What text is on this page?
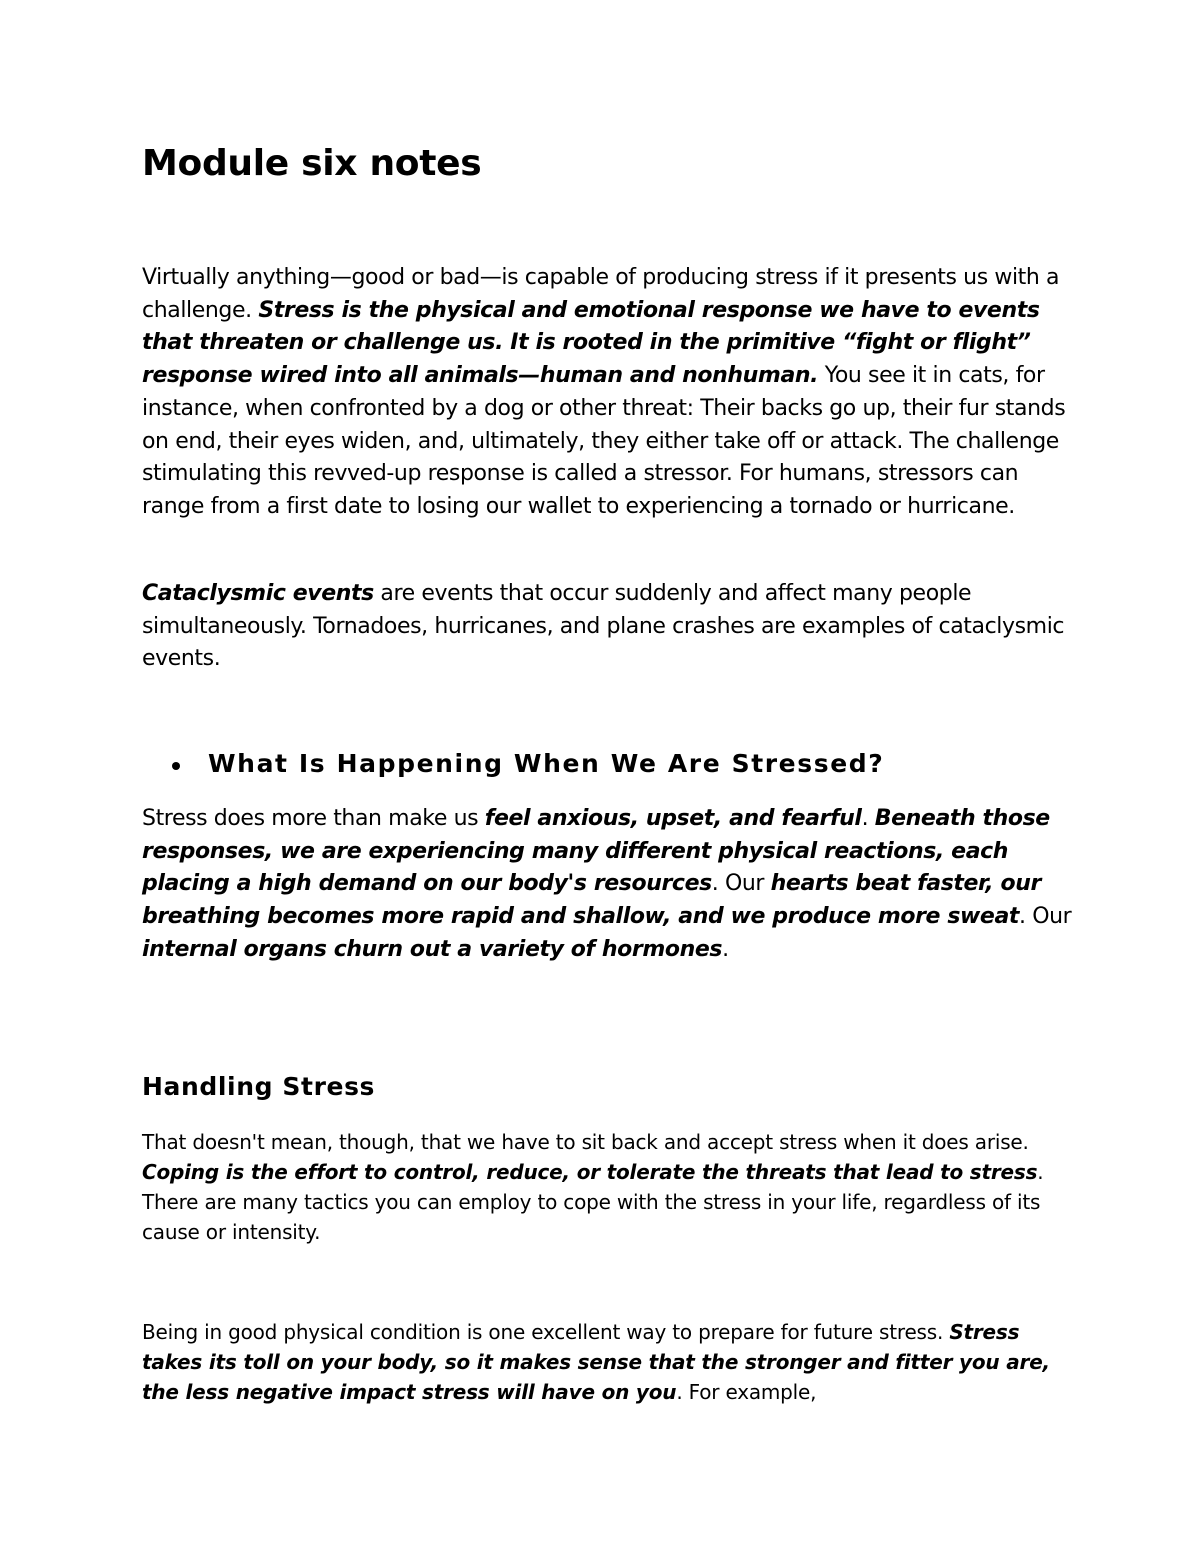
Module six notes

Virtually anything—good or bad—is capable of producing stress if it presents us with a challenge. Stress is the physical and emotional response we have to events that threaten or challenge us. It is rooted in the primitive “fight or flight” response wired into all animals—human and nonhuman. You see it in cats, for instance, when confronted by a dog or other threat: Their backs go up, their fur stands on end, their eyes widen, and, ultimately, they either take off or attack. The challenge stimulating this revved-up response is called a stressor. For humans, stressors can range from a first date to losing our wallet to experiencing a tornado or hurricane.

Cataclysmic events are events that occur suddenly and affect many people simultaneously. Tornadoes, hurricanes, and plane crashes are examples of cataclysmic events.

What Is Happening When We Are Stressed?

Stress does more than make us feel anxious, upset, and fearful. Beneath those responses, we are experiencing many different physical reactions, each placing a high demand on our body's resources. Our hearts beat faster, our breathing becomes more rapid and shallow, and we produce more sweat. Our internal organs churn out a variety of hormones.

Handling Stress

That doesn't mean, though, that we have to sit back and accept stress when it does arise. Coping is the effort to control, reduce, or tolerate the threats that lead to stress. There are many tactics you can employ to cope with the stress in your life, regardless of its cause or intensity.

Being in good physical condition is one excellent way to prepare for future stress. Stress takes its toll on your body, so it makes sense that the stronger and fitter you are, the less negative impact stress will have on you. For example,
